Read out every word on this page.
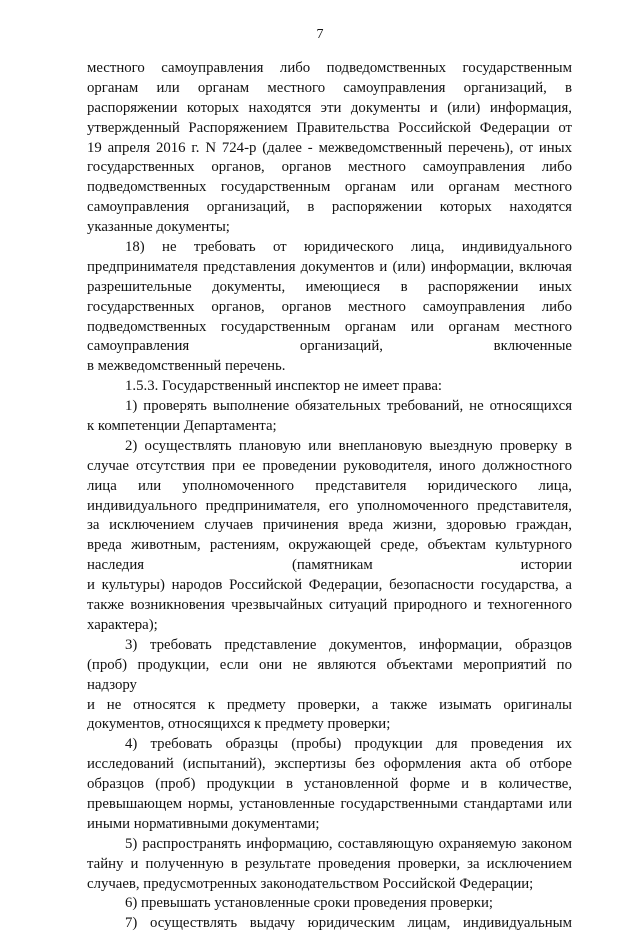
7
местного самоуправления либо подведомственных государственным
органам или органам местного самоуправления организаций, в
распоряжении которых находятся эти документы и (или) информация,
утвержденный Распоряжением Правительства Российской Федерации от
19 апреля 2016 г. N 724-р (далее - межведомственный перечень), от иных
государственных органов, органов местного самоуправления либо
подведомственных государственным органам или органам местного
самоуправления организаций, в распоряжении которых находятся
указанные документы;
18) не требовать от юридического лица, индивидуального
предпринимателя представления документов и (или) информации, включая
разрешительные документы, имеющиеся в распоряжении иных
государственных органов, органов местного самоуправления либо
подведомственных государственным органам или органам местного
самоуправления организаций, включенные
в межведомственный перечень.
1.5.3. Государственный инспектор не имеет права:
1) проверять выполнение обязательных требований, не относящихся
к компетенции Департамента;
2) осуществлять плановую или внеплановую выездную проверку в
случае отсутствия при ее проведении руководителя, иного должностного
лица или уполномоченного представителя юридического лица,
индивидуального предпринимателя, его уполномоченного представителя,
за исключением случаев причинения вреда жизни, здоровью граждан,
вреда животным, растениям, окружающей среде, объектам культурного
наследия (памятникам истории
и культуры) народов Российской Федерации, безопасности государства, а
также возникновения чрезвычайных ситуаций природного и техногенного
характера);
3) требовать представление документов, информации, образцов
(проб) продукции, если они не являются объектами мероприятий по
надзору
и не относятся к предмету проверки, а также изымать оригиналы
документов, относящихся к предмету проверки;
4) требовать образцы (пробы) продукции для проведения их
исследований (испытаний), экспертизы без оформления акта об отборе
образцов (проб) продукции в установленной форме и в количестве,
превышающем нормы, установленные государственными стандартами или
иными нормативными документами;
5) распространять информацию, составляющую охраняемую законом
тайну и полученную в результате проведения проверки, за исключением
случаев, предусмотренных законодательством Российской Федерации;
6) превышать установленные сроки проведения проверки;
7) осуществлять выдачу юридическим лицам, индивидуальным
